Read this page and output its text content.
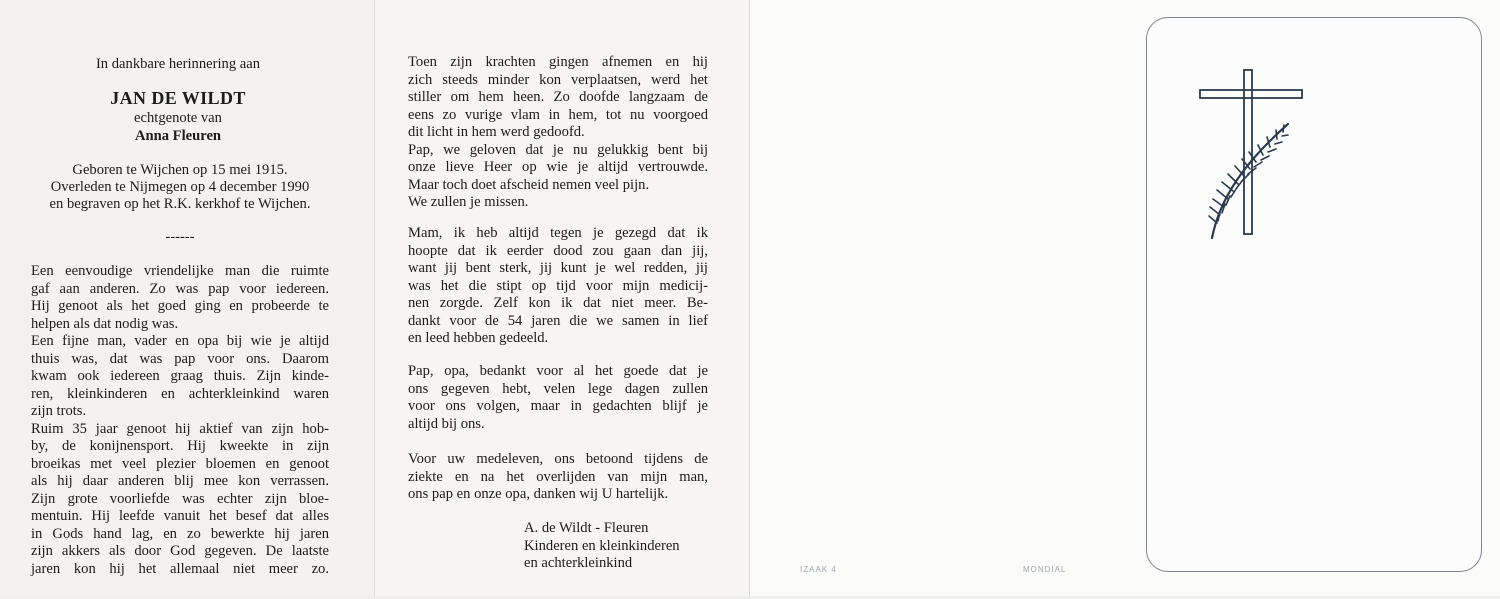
In dankbare herinnering aan
JAN DE WILDT
echtgenote van
Anna Fleuren
Geboren te Wijchen op 15 mei 1915.
Overleden te Nijmegen op 4 december 1990
en begraven op het R.K. kerkhof te Wijchen.
------
Een eenvoudige vriendelijke man die ruimte
gaf aan anderen. Zo was pap voor iedereen.
Hij genoot als het goed ging en probeerde te
helpen als dat nodig was.
Een fijne man, vader en opa bij wie je altijd
thuis was, dat was pap voor ons. Daarom
kwam ook iedereen graag thuis. Zijn kinde-
ren, kleinkinderen en achterkleinkind waren
zijn trots.
Ruim 35 jaar genoot hij aktief van zijn hob-
by, de konijnensport. Hij kweekte in zijn
broeikas met veel plezier bloemen en genoot
als hij daar anderen blij mee kon verrassen.
Zijn grote voorliefde was echter zijn bloe-
mentuin. Hij leefde vanuit het besef dat alles
in Gods hand lag, en zo bewerkte hij jaren
zijn akkers als door God gegeven. De laatste
jaren kon hij het allemaal niet meer zo.
Toen zijn krachten gingen afnemen en hij
zich steeds minder kon verplaatsen, werd het
stiller om hem heen. Zo doofde langzaam de
eens zo vurige vlam in hem, tot nu voorgoed
dit licht in hem werd gedoofd.
Pap, we geloven dat je nu gelukkig bent bij
onze lieve Heer op wie je altijd vertrouwde.
Maar toch doet afscheid nemen veel pijn.
We zullen je missen.
Mam, ik heb altijd tegen je gezegd dat ik
hoopte dat ik eerder dood zou gaan dan jij,
want jij bent sterk, jij kunt je wel redden, jij
was het die stipt op tijd voor mijn medicij-
nen zorgde. Zelf kon ik dat niet meer. Be-
dankt voor de 54 jaren die we samen in lief
en leed hebben gedeeld.
Pap, opa, bedankt voor al het goede dat je
ons gegeven hebt, velen lege dagen zullen
voor ons volgen, maar in gedachten blijf je
altijd bij ons.
Voor uw medeleven, ons betoond tijdens de
ziekte en na het overlijden van mijn man,
ons pap en onze opa, danken wij U hartelijk.
A. de Wildt - Fleuren
Kinderen en kleinkinderen
en achterkleinkind	IZAAK 4	MONDIAL
